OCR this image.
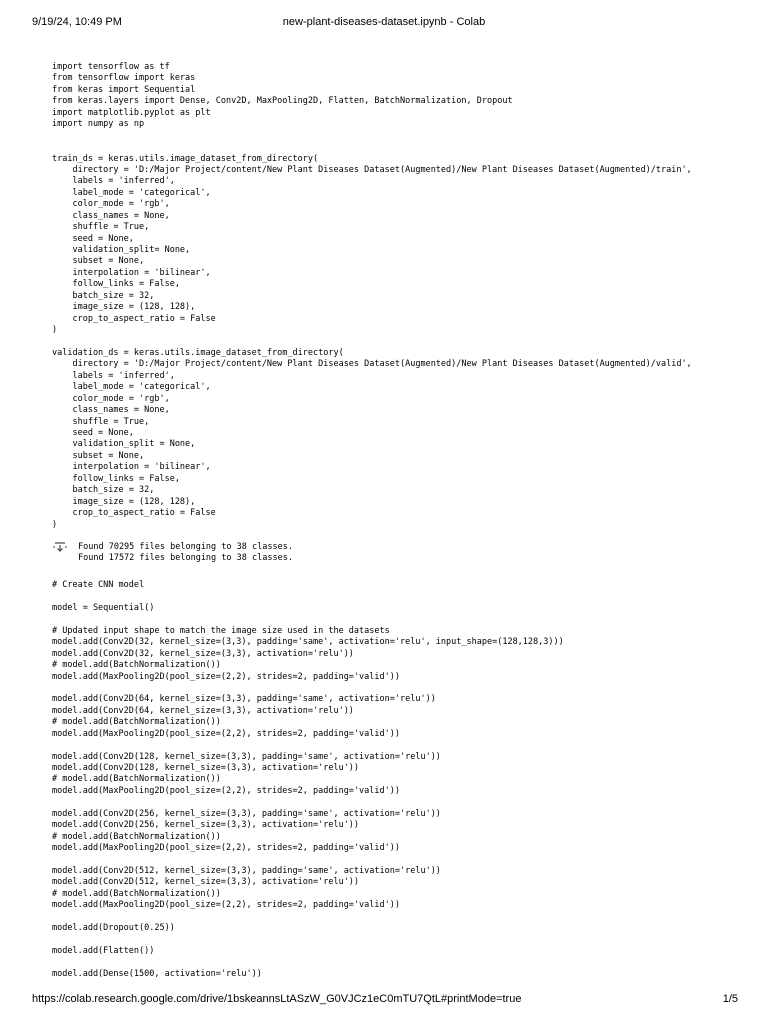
9/19/24, 10:49 PM	new-plant-diseases-dataset.ipynb - Colab
import tensorflow as tf
from tensorflow import keras
from keras import Sequential
from keras.layers import Dense, Conv2D, MaxPooling2D, Flatten, BatchNormalization, Dropout
import matplotlib.pyplot as plt
import numpy as np
train_ds = keras.utils.image_dataset_from_directory(
directory = 'D:/Major Project/content/New Plant Diseases Dataset(Augmented)/New Plant Diseases Dataset(Augmented)/train',
labels = 'inferred',
label_mode = 'categorical',
color_mode = 'rgb',
class_names = None,
shuffle = True,
seed = None,
validation_split= None,
subset = None,
interpolation = 'bilinear',
follow_links = False,
batch_size = 32,
image_size = (128, 128),
crop_to_aspect_ratio = False
)
validation_ds = keras.utils.image_dataset_from_directory(
directory = 'D:/Major Project/content/New Plant Diseases Dataset(Augmented)/New Plant Diseases Dataset(Augmented)/valid',
labels = 'inferred',
label_mode = 'categorical',
color_mode = 'rgb',
class_names = None,
shuffle = True,
seed = None,
validation_split = None,
subset = None,
interpolation = 'bilinear',
follow_links = False,
batch_size = 32,
image_size = (128, 128),
crop_to_aspect_ratio = False
)
Found 70295 files belonging to 38 classes.
Found 17572 files belonging to 38 classes.
# Create CNN model
model = Sequential()
# Updated input shape to match the image size used in the datasets
model.add(Conv2D(32, kernel_size=(3,3), padding='same', activation='relu', input_shape=(128,128,3)))
model.add(Conv2D(32, kernel_size=(3,3), activation='relu'))
# model.add(BatchNormalization())
model.add(MaxPooling2D(pool_size=(2,2), strides=2, padding='valid'))
model.add(Conv2D(64, kernel_size=(3,3), padding='same', activation='relu'))
model.add(Conv2D(64, kernel_size=(3,3), activation='relu'))
# model.add(BatchNormalization())
model.add(MaxPooling2D(pool_size=(2,2), strides=2, padding='valid'))
model.add(Conv2D(128, kernel_size=(3,3), padding='same', activation='relu'))
model.add(Conv2D(128, kernel_size=(3,3), activation='relu'))
# model.add(BatchNormalization())
model.add(MaxPooling2D(pool_size=(2,2), strides=2, padding='valid'))
model.add(Conv2D(256, kernel_size=(3,3), padding='same', activation='relu'))
model.add(Conv2D(256, kernel_size=(3,3), activation='relu'))
# model.add(BatchNormalization())
model.add(MaxPooling2D(pool_size=(2,2), strides=2, padding='valid'))
model.add(Conv2D(512, kernel_size=(3,3), padding='same', activation='relu'))
model.add(Conv2D(512, kernel_size=(3,3), activation='relu'))
# model.add(BatchNormalization())
model.add(MaxPooling2D(pool_size=(2,2), strides=2, padding='valid'))
model.add(Dropout(0.25))
model.add(Flatten())
model.add(Dense(1500, activation='relu'))
https://colab.research.google.com/drive/1bskeannsLtASzW_G0VJCz1eC0mTU7QtL#printMode=true	1/5
